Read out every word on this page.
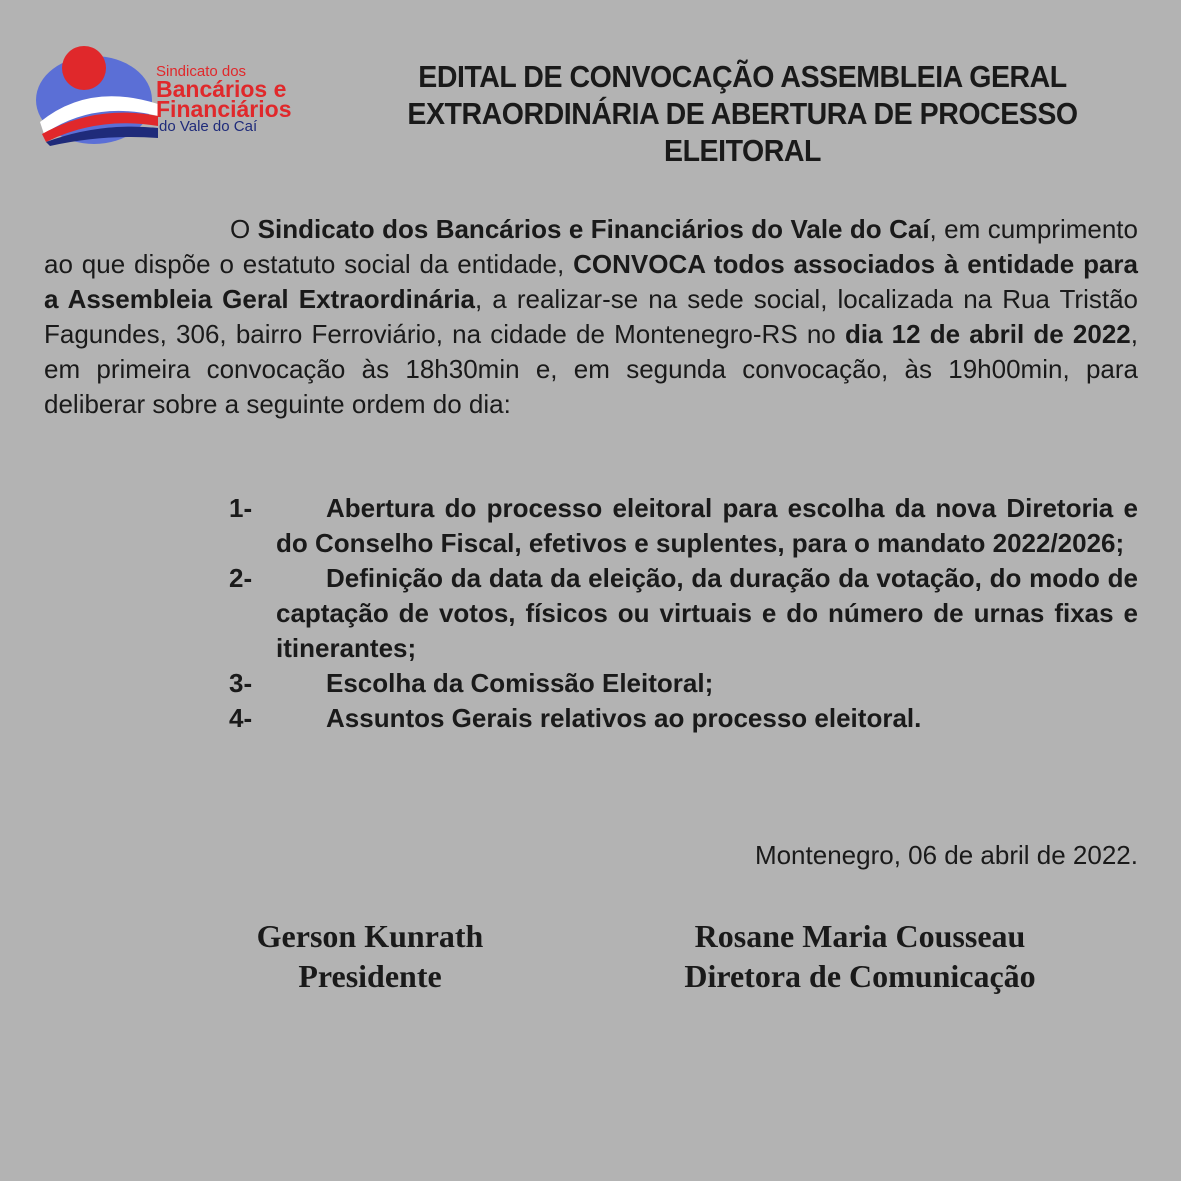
Sindicato dos
Bancários e
Financiários
do Vale do Caí
EDITAL DE CONVOCAÇÃO ASSEMBLEIA GERAL
EXTRAORDINÁRIA DE ABERTURA DE PROCESSO ELEITORAL
O Sindicato dos Bancários e Financiários do Vale do Caí, em cumprimento ao que dispõe o estatuto social da entidade, CONVOCA todos associados à entidade para a Assembleia Geral Extraordinária, a realizar-se na sede social, localizada na Rua Tristão Fagundes, 306, bairro Ferroviário, na cidade de Montenegro-RS no dia 12 de abril de 2022, em primeira convocação às 18h30min e, em segunda convocação, às 19h00min, para deliberar sobre a seguinte ordem do dia:
1-	Abertura do processo eleitoral para escolha da nova Diretoria e do Conselho Fiscal, efetivos e suplentes, para o mandato 2022/2026;
2-	Definição da data da eleição, da duração da votação, do modo de captação de votos, físicos ou virtuais e do número de urnas fixas e itinerantes;
3-	Escolha da Comissão Eleitoral;
4-	Assuntos Gerais relativos ao processo eleitoral.
Montenegro, 06 de abril de 2022.
Gerson Kunrath
Presidente
Rosane Maria Cousseau
Diretora de Comunicação
